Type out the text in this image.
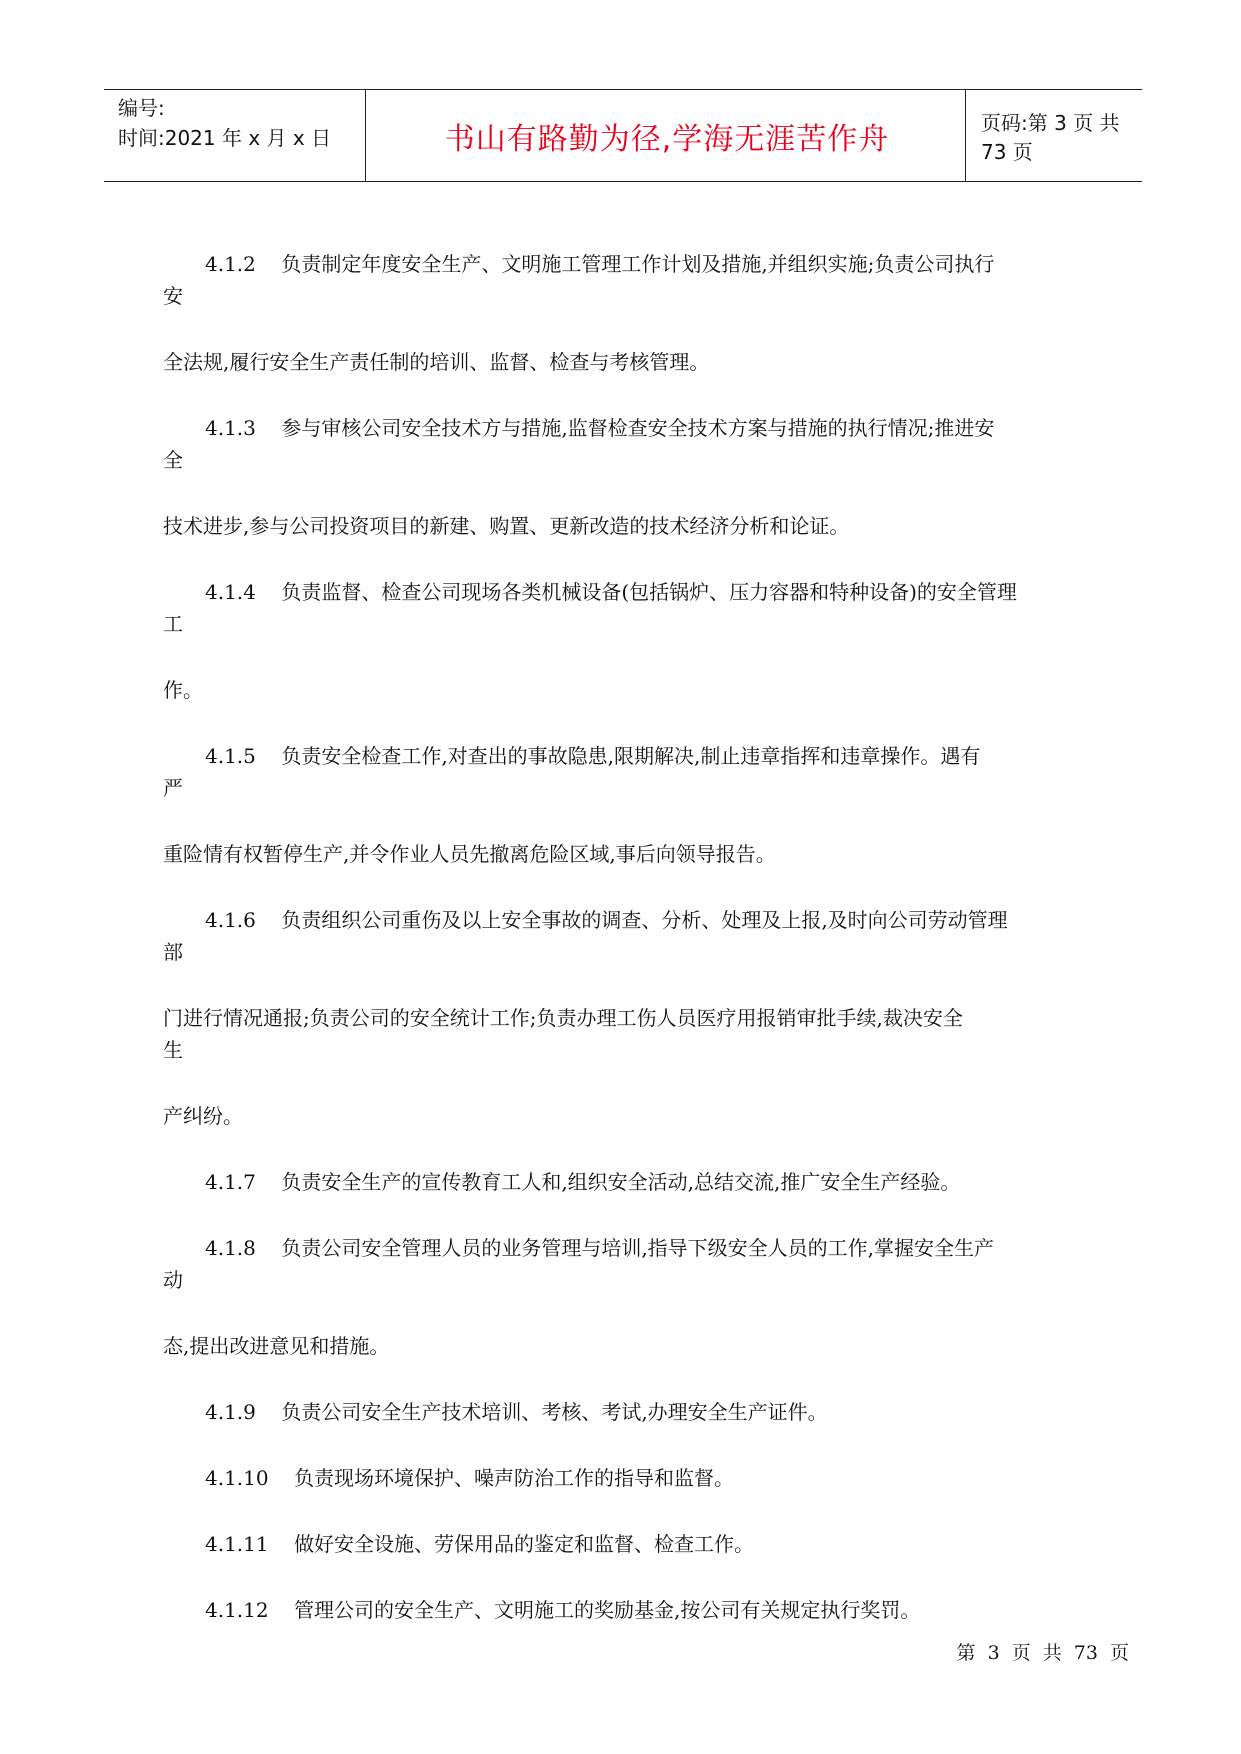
编号:
时间:2021 年 x 月 x 日	书山有路勤为径,学海无涯苦作舟	页码:第 3 页 共 73 页
4.1.2 负责制定年度安全生产、文明施工管理工作计划及措施,并组织实施;负责公司执行
安
全法规,履行安全生产责任制的培训、监督、检查与考核管理。
4.1.3 参与审核公司安全技术方与措施,监督检查安全技术方案与措施的执行情况;推进安
全
技术进步,参与公司投资项目的新建、购置、更新改造的技术经济分析和论证。
4.1.4 负责监督、检查公司现场各类机械设备(包括锅炉、压力容器和特种设备)的安全管理
工
作。
4.1.5 负责安全检查工作,对查出的事故隐患,限期解决,制止违章指挥和违章操作。遇有
严
重险情有权暂停生产,并令作业人员先撤离危险区域,事后向领导报告。
4.1.6 负责组织公司重伤及以上安全事故的调查、分析、处理及上报,及时向公司劳动管理
部
门进行情况通报;负责公司的安全统计工作;负责办理工伤人员医疗用报销审批手续,裁决安全
生
产纠纷。
4.1.7 负责安全生产的宣传教育工人和,组织安全活动,总结交流,推广安全生产经验。
4.1.8 负责公司安全管理人员的业务管理与培训,指导下级安全人员的工作,掌握安全生产
动
态,提出改进意见和措施。
4.1.9 负责公司安全生产技术培训、考核、考试,办理安全生产证件。
4.1.10 负责现场环境保护、噪声防治工作的指导和监督。
4.1.11 做好安全设施、劳保用品的鉴定和监督、检查工作。
4.1.12 管理公司的安全生产、文明施工的奖励基金,按公司有关规定执行奖罚。
第 3 页 共 73 页
